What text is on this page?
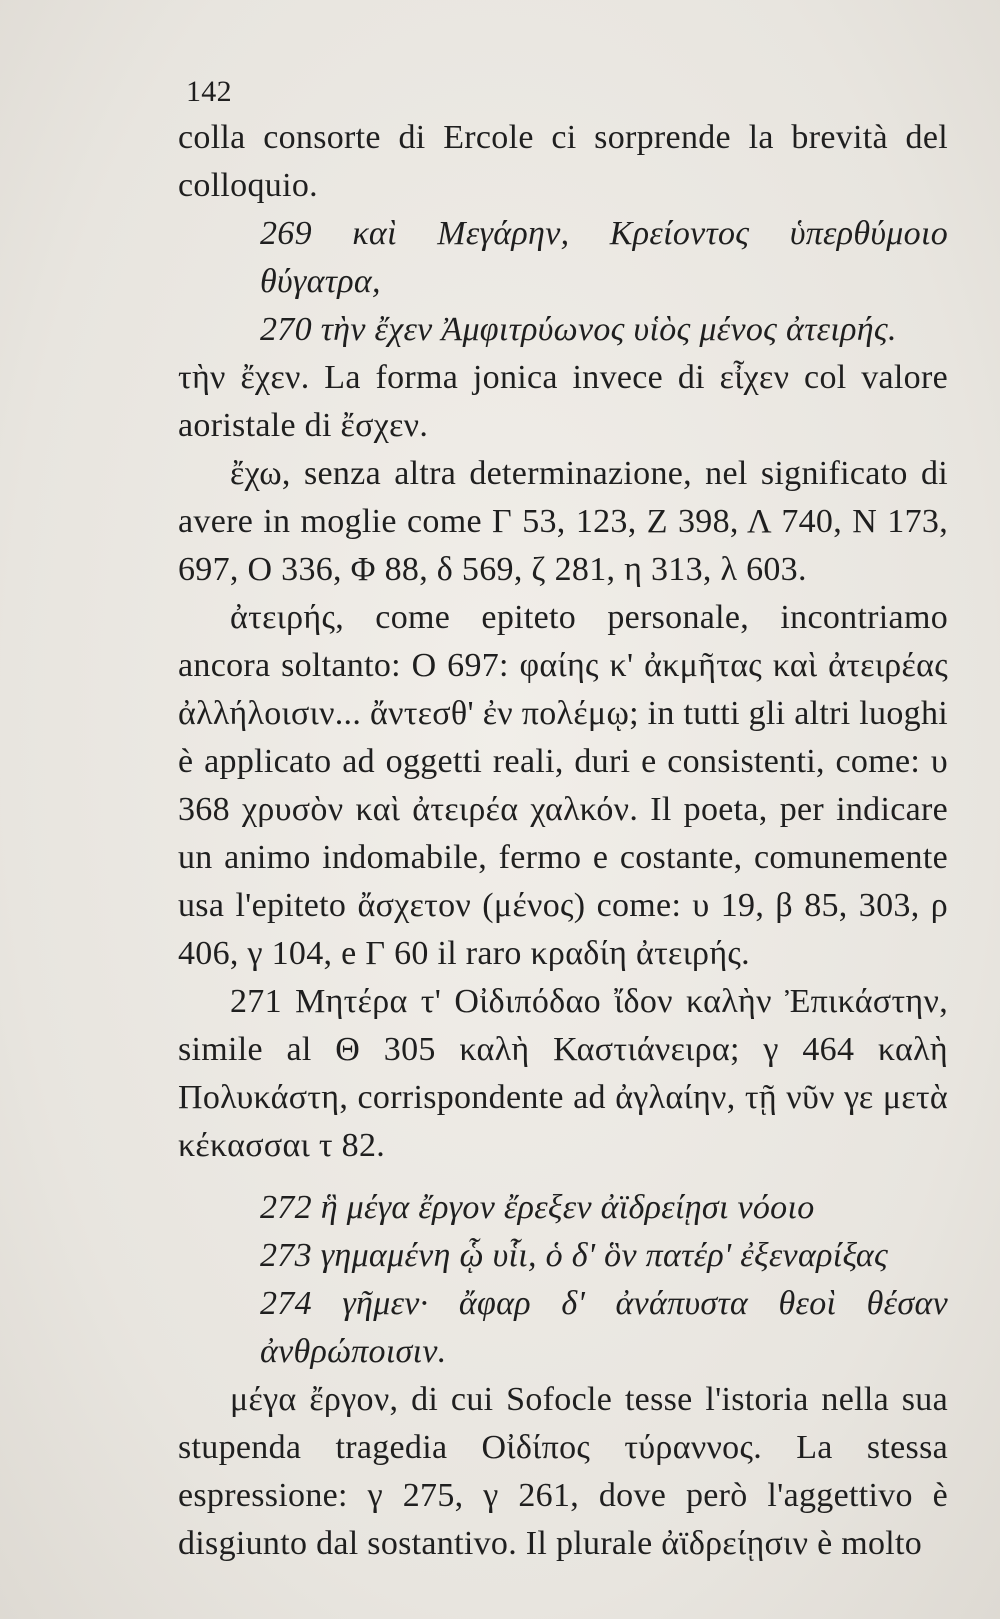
142

colla consorte di Ercole ci sorprende la brevità del colloquio.

269 καὶ Μεγάρην, Κρείοντος ὑπερθύμοιο θύγατρα,

270 τὴν ἔχεν Ἀμφιτρύωνος υἱὸς μένος ἀτειρής.

τὴν ἔχεν. La forma jonica invece di εἶχεν col valore aoristale di ἔσχεν.

ἔχω, senza altra determinazione, nel significato di avere in moglie come Γ 53, 123, Ζ 398, Λ 740, Ν 173, 697, Ο 336, Φ 88, δ 569, ζ 281, η 313, λ 603.

ἀτειρής, come epiteto personale, incontriamo ancora soltanto: Ο 697: φαίης κ' ἀκμῆτας καὶ ἀτειρέας ἀλλήλοισιν... ἄντεσθ' ἐν πολέμῳ; in tutti gli altri luoghi è applicato ad oggetti reali, duri e consistenti, come: υ 368 χρυσὸν καὶ ἀτειρέα χαλκόν. Il poeta, per indicare un animo indomabile, fermo e costante, comunemente usa l'epiteto ἄσχετον (μένος) come: υ 19, β 85, 303, ρ 406, γ 104, e Γ 60 il raro κραδίη ἀτειρής.

271 Μητέρα τ' Οἰδιπόδαο ἴδον καλὴν Ἐπικάστην, simile al Θ 305 καλὴ Καστιάνειρα; γ 464 καλὴ Πολυκάστη, corrispondente ad ἀγλαίην, τῇ νῦν γε μετὰ κέκασσαι τ 82.

272 ἣ μέγα ἔργον ἔρεξεν ἀϊδρείῃσι νόοιο

273 γημαμένη ᾧ υἷι, ὁ δ' ὃν πατέρ' ἐξεναρίξας

274 γῆμεν· ἄφαρ δ' ἀνάπυστα θεοὶ θέσαν ἀνθρώποισιν.

μέγα ἔργον, di cui Sofocle tesse l'istoria nella sua stupenda tragedia Οἰδίπος τύραννος. La stessa espressione: γ 275, γ 261, dove però l'aggettivo è disgiunto dal sostantivo. Il plurale ἀϊδρείῃσιν è molto
